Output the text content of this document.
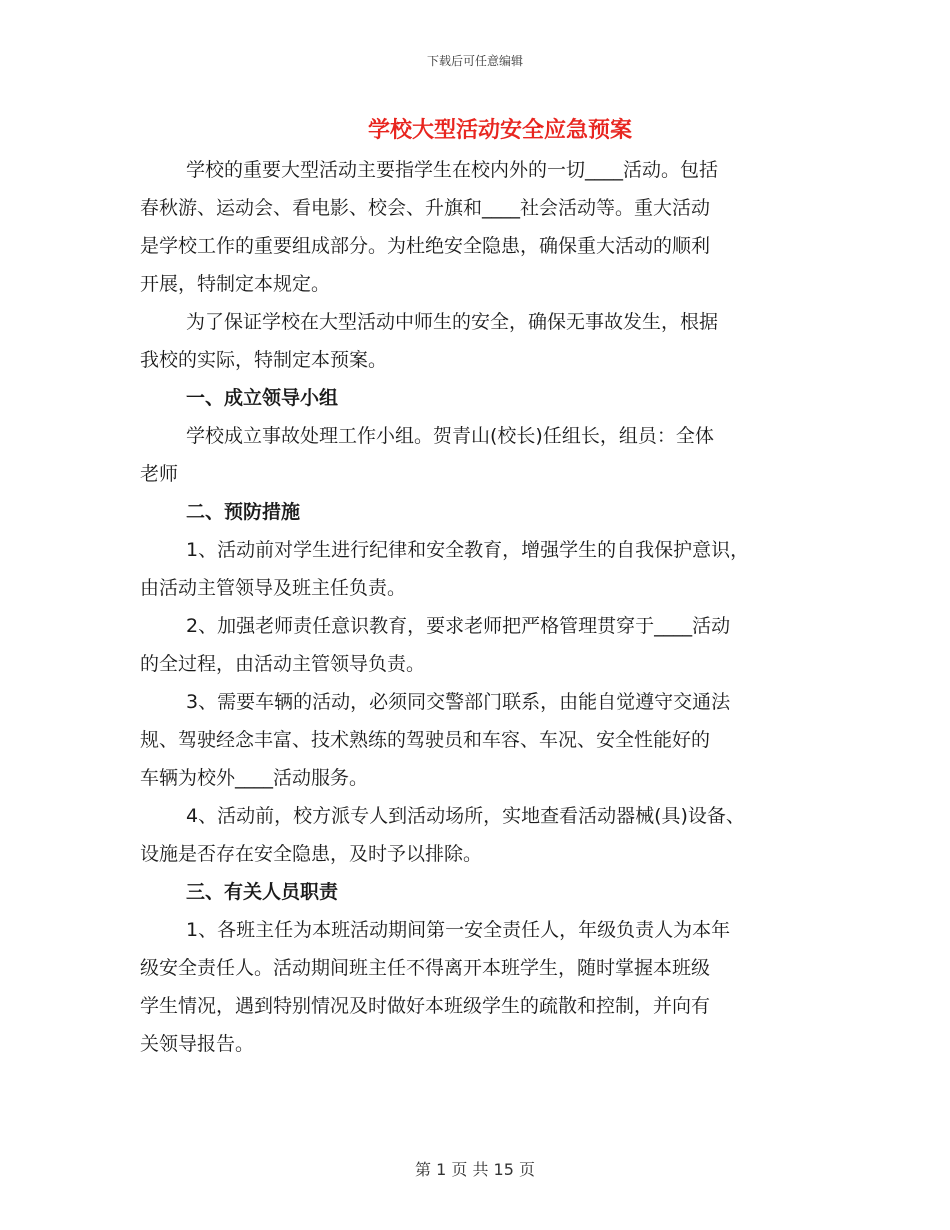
下载后可任意编辑
学校大型活动安全应急预案
学校的重要大型活动主要指学生在校内外的一切____活动。包括
春秋游、运动会、看电影、校会、升旗和____社会活动等。重大活动
是学校工作的重要组成部分。为杜绝安全隐患，确保重大活动的顺利
开展，特制定本规定。
为了保证学校在大型活动中师生的安全，确保无事故发生，根据
我校的实际，特制定本预案。
一、成立领导小组
学校成立事故处理工作小组。贺青山(校长)任组长，组员：全体
老师
二、预防措施
1、活动前对学生进行纪律和安全教育，增强学生的自我保护意识，
由活动主管领导及班主任负责。
2、加强老师责任意识教育，要求老师把严格管理贯穿于____活动
的全过程，由活动主管领导负责。
3、需要车辆的活动，必须同交警部门联系，由能自觉遵守交通法
规、驾驶经念丰富、技术熟练的驾驶员和车容、车况、安全性能好的
车辆为校外____活动服务。
4、活动前，校方派专人到活动场所，实地查看活动器械(具)设备、
设施是否存在安全隐患，及时予以排除。
三、有关人员职责
1、各班主任为本班活动期间第一安全责任人，年级负责人为本年
级安全责任人。活动期间班主任不得离开本班学生，随时掌握本班级
学生情况，遇到特别情况及时做好本班级学生的疏散和控制，并向有
关领导报告。
第 1 页 共 15 页
